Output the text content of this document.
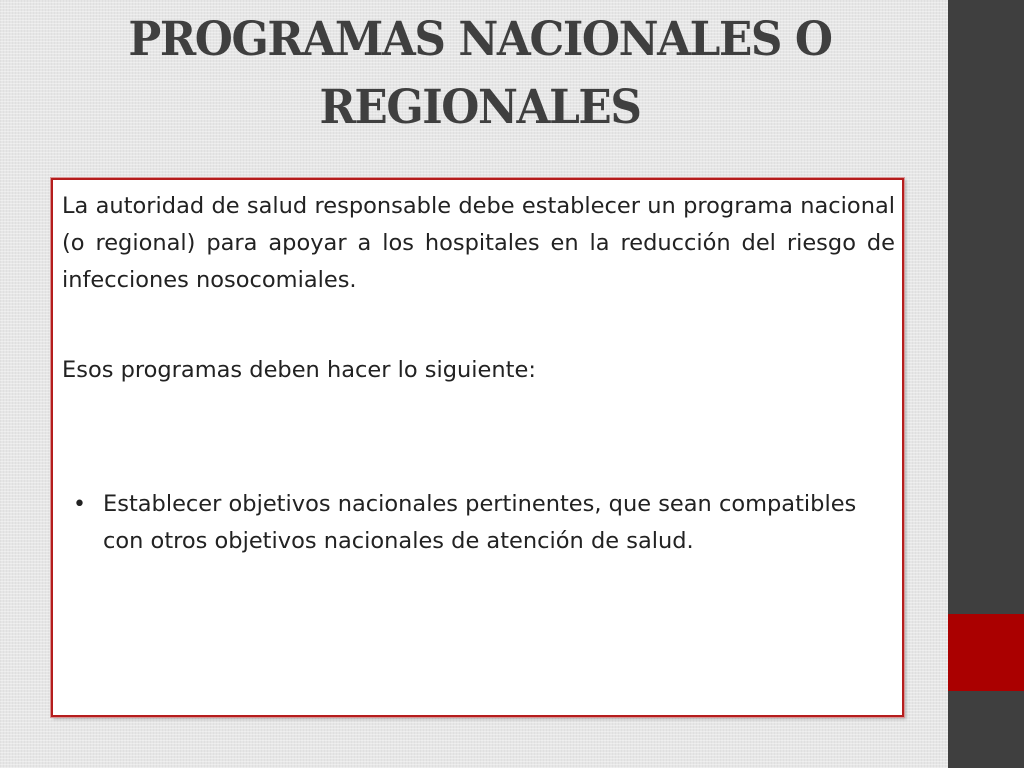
PROGRAMAS NACIONALES O
REGIONALES

La autoridad de salud responsable debe establecer un programa nacional (o regional) para apoyar a los hospitales en la reducción del riesgo de infecciones nosocomiales.

Esos programas deben hacer lo siguiente:

• Establecer objetivos nacionales pertinentes, que sean compatibles con otros objetivos nacionales de atención de salud.
